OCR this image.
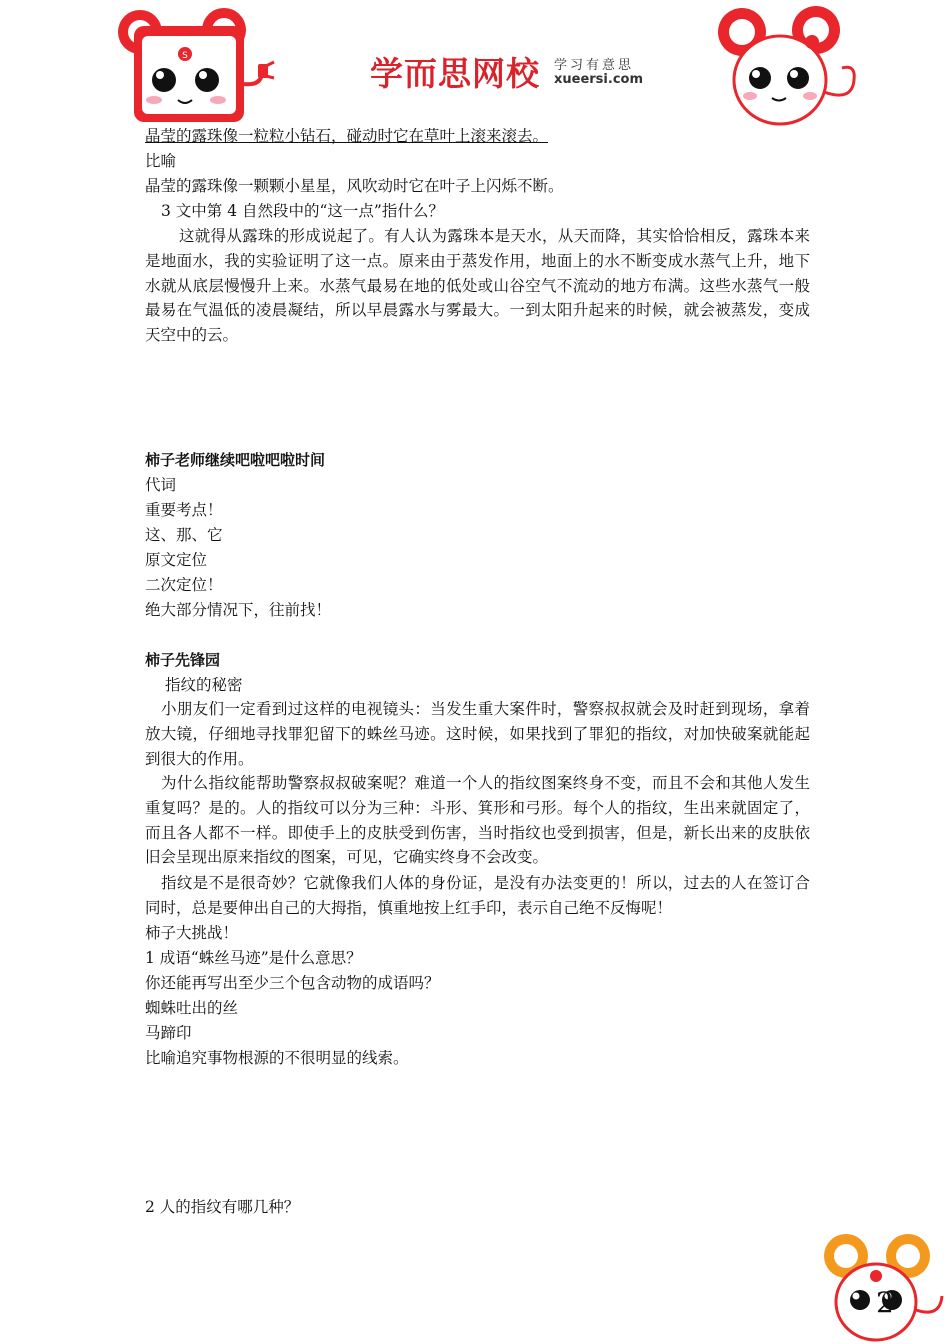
学而思网校 学习有意思
xueersi.com
S
晶莹的露珠像一粒粒小钻石，碰动时它在草叶上滚来滚去。
比喻
晶莹的露珠像一颗颗小星星，风吹动时它在叶子上闪烁不断。
3 文中第 4 自然段中的“这一点”指什么？
这就得从露珠的形成说起了。有人认为露珠本是天水，从天而降，其实恰恰相反，露珠本来是地面水，我的实验证明了这一点。原来由于蒸发作用，地面上的水不断变成水蒸气上升，地下水就从底层慢慢升上来。水蒸气最易在地的低处或山谷空气不流动的地方布满。这些水蒸气一般最易在气温低的凌晨凝结，所以早晨露水与雾最大。一到太阳升起来的时候，就会被蒸发，变成天空中的云。
柿子老师继续吧啦吧啦时间
代词
重要考点！
这、那、它
原文定位
二次定位！
绝大部分情况下，往前找！
柿子先锋园
指纹的秘密
小朋友们一定看到过这样的电视镜头：当发生重大案件时，警察叔叔就会及时赶到现场，拿着放大镜，仔细地寻找罪犯留下的蛛丝马迹。这时候，如果找到了罪犯的指纹，对加快破案就能起到很大的作用。
为什么指纹能帮助警察叔叔破案呢？难道一个人的指纹图案终身不变，而且不会和其他人发生重复吗？是的。人的指纹可以分为三种：斗形、箕形和弓形。每个人的指纹，生出来就固定了，而且各人都不一样。即使手上的皮肤受到伤害，当时指纹也受到损害，但是，新长出来的皮肤依旧会呈现出原来指纹的图案，可见，它确实终身不会改变。
指纹是不是很奇妙？它就像我们人体的身份证，是没有办法变更的！所以，过去的人在签订合同时，总是要伸出自己的大拇指，慎重地按上红手印，表示自己绝不反悔呢！
柿子大挑战！
1 成语“蛛丝马迹”是什么意思？
你还能再写出至少三个包含动物的成语吗？
蜘蛛吐出的丝
马蹄印
比喻追究事物根源的不很明显的线索。
2 人的指纹有哪几种？
2
